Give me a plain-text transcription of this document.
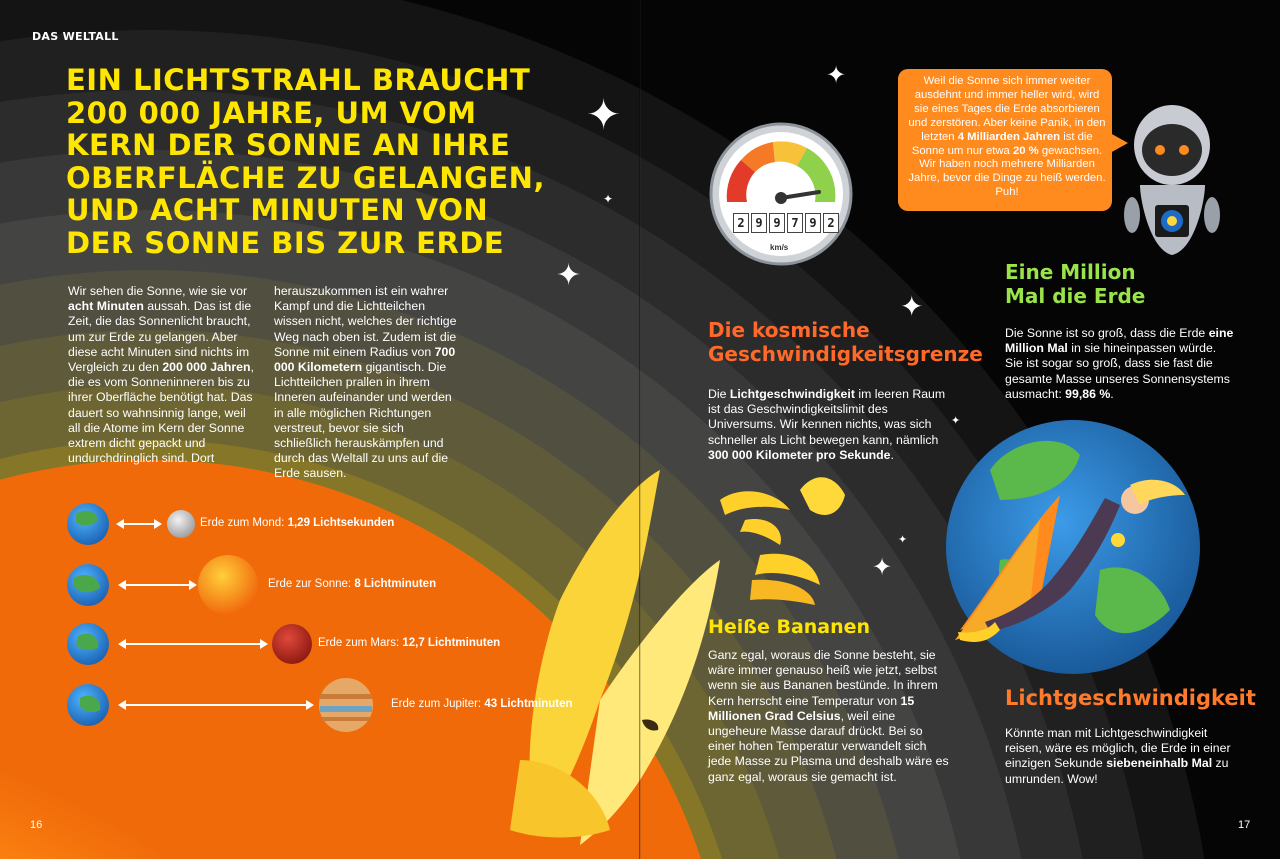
✦
✦
✦
✦
✦
✦
✦
✦
DAS WELTALL
EIN LICHTSTRAHL BRAUCHT
200 000 JAHRE, UM VOM
KERN DER SONNE AN IHRE
OBERFLÄCHE ZU GELANGEN,
UND ACHT MINUTEN VON
DER SONNE BIS ZUR ERDE
Wir sehen die Sonne, wie sie vor acht Minuten aussah. Das ist die Zeit, die das Sonnenlicht braucht, um zur Erde zu gelangen. Aber diese acht Minuten sind nichts im Vergleich zu den 200 000 Jahren, die es vom Sonneninneren bis zu ihrer Oberfläche benötigt hat. Das dauert so wahnsinnig lange, weil all die Atome im Kern der Sonne extrem dicht gepackt und undurchdringlich sind. Dort
herauszukommen ist ein wahrer Kampf und die Lichtteilchen wissen nicht, welches der richtige Weg nach oben ist. Zudem ist die Sonne mit einem Radius von 700 000 Kilometern gigantisch. Die Lichtteilchen prallen in ihrem Inneren aufeinander und werden in alle möglichen Richtungen verstreut, bevor sie sich schließlich herauskämpfen und durch das Weltall zu uns auf die Erde sausen.
Erde zum Mond: 1,29 Lichtsekunden
Erde zur Sonne: 8 Lichtminuten
Erde zum Mars: 12,7 Lichtminuten
Erde zum Jupiter: 43 Lichtminuten
16	17
2 9 9 7 9 2
km/s
Weil die Sonne sich immer weiter ausdehnt und immer heller wird, wird sie eines Tages die Erde absorbieren und zerstören. Aber keine Panik, in den letzten 4 Milliarden Jahren ist die Sonne um nur etwa 20 % gewachsen. Wir haben noch mehrere Milliarden Jahre, bevor die Dinge zu heiß werden. Puh!
Die kosmische
Geschwindigkeitsgrenze
Die Lichtgeschwindigkeit im leeren Raum ist das Geschwindigkeitslimit des Universums. Wir kennen nichts, was sich schneller als Licht bewegen kann, nämlich 300 000 Kilometer pro Sekunde.
Eine Million
Mal die Erde
Die Sonne ist so groß, dass die Erde eine Million Mal in sie hineinpassen würde. Sie ist sogar so groß, dass sie fast die gesamte Masse unseres Sonnensystems ausmacht: 99,86 %.
Heiße Bananen
Ganz egal, woraus die Sonne besteht, sie wäre immer genauso heiß wie jetzt, selbst wenn sie aus Bananen bestünde. In ihrem Kern herrscht eine Temperatur von 15 Millionen Grad Celsius, weil eine ungeheure Masse darauf drückt. Bei so einer hohen Temperatur verwandelt sich jede Masse zu Plasma und deshalb wäre es ganz egal, woraus sie gemacht ist.
Lichtgeschwindigkeit
Könnte man mit Lichtgeschwindigkeit reisen, wäre es möglich, die Erde in einer einzigen Sekunde siebeneinhalb Mal zu umrunden. Wow!
